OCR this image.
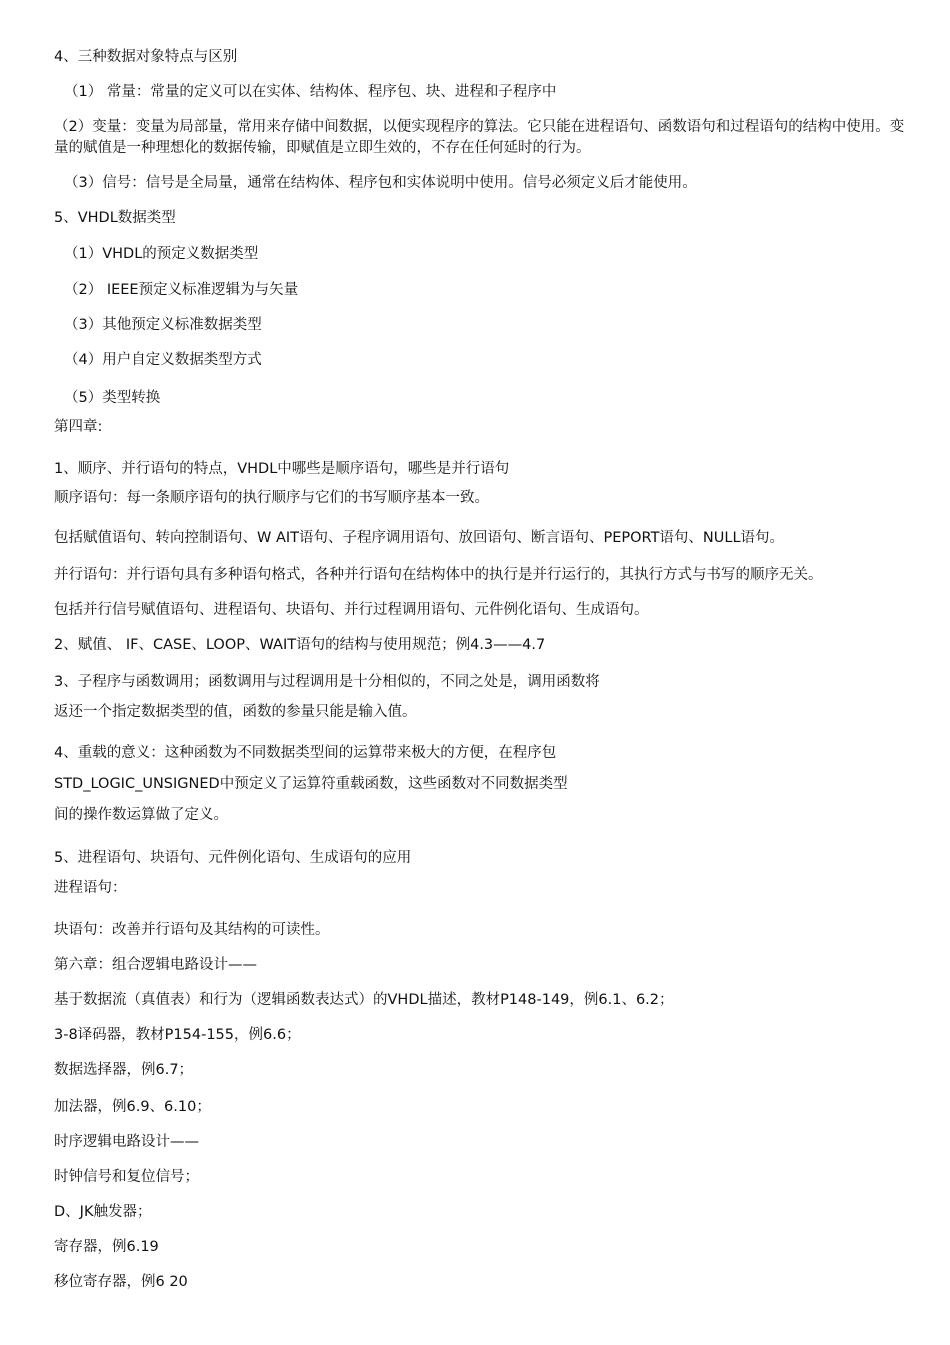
4、三种数据对象特点与区别
（1） 常量：常量的定义可以在实体、结构体、程序包、块、进程和子程序中
（2）变量：变量为局部量，常用来存储中间数据，以便实现程序的算法。它只能在进程语句、函数语句和过程语句的结构中使用。变量的赋值是一种理想化的数据传输，即赋值是立即生效的，不存在任何延时的行为。
（3）信号：信号是全局量，通常在结构体、程序包和实体说明中使用。信号必须定义后才能使用。
5、VHDL数据类型
（1）VHDL的预定义数据类型
（2） IEEE预定义标准逻辑为与矢量
（3）其他预定义标准数据类型
（4）用户自定义数据类型方式
（5）类型转换
第四章:
1、顺序、并行语句的特点，VHDL中哪些是顺序语句，哪些是并行语句
顺序语句：每一条顺序语句的执行顺序与它们的书写顺序基本一致。
包括赋值语句、转向控制语句、W AIT语句、子程序调用语句、放回语句、断言语句、PEPORT语句、NULL语句。
并行语句：并行语句具有多种语句格式，各种并行语句在结构体中的执行是并行运行的，其执行方式与书写的顺序无关。
包括并行信号赋值语句、进程语句、块语句、并行过程调用语句、元件例化语句、生成语句。
2、赋值、 IF、CASE、LOOP、WAIT语句的结构与使用规范；例4.3——4.7
3、子程序与函数调用；函数调用与过程调用是十分相似的，不同之处是，调用函数将
返还一个指定数据类型的值，函数的参量只能是输入值。
4、重载的意义：这种函数为不同数据类型间的运算带来极大的方便，在程序包
STD_LOGIC_UNSIGNED中预定义了运算符重载函数，这些函数对不同数据类型
间的操作数运算做了定义。
5、进程语句、块语句、元件例化语句、生成语句的应用
进程语句：
块语句：改善并行语句及其结构的可读性。
第六章：组合逻辑电路设计——
基于数据流（真值表）和行为（逻辑函数表达式）的VHDL描述，教材P148-149，例6.1、6.2；
3-8译码器，教材P154-155，例6.6；
数据选择器，例6.7；
加法器，例6.9、6.10；
时序逻辑电路设计——
时钟信号和复位信号；
D、JK触发器；
寄存器，例6.19
移位寄存器，例6 20
